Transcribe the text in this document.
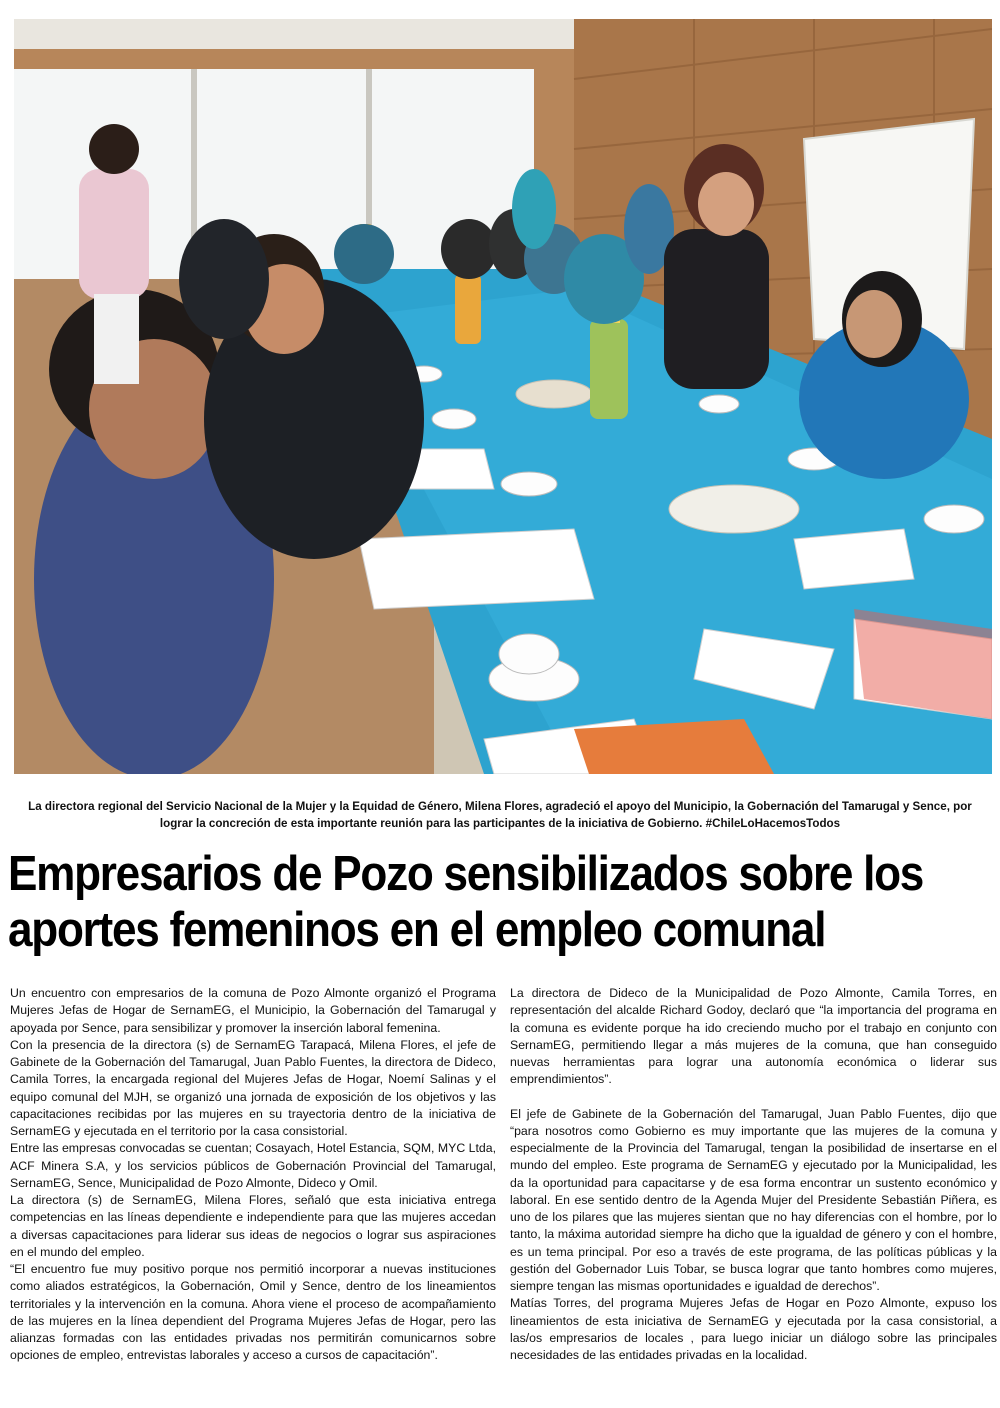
La directora regional del Servicio Nacional de la Mujer y la Equidad de Género, Milena Flores, agradeció el apoyo del Municipio, la Gobernación del Tamarugal y Sence, por lograr la concreción de esta importante reunión para las participantes de la iniciativa de Gobierno. #ChileLoHacemosTodos

Empresarios de Pozo sensibilizados sobre los
aportes femeninos en el empleo comunal

Un encuentro con empresarios de la comuna de Pozo Almonte organizó el Programa Mujeres Jefas de Hogar de SernamEG, el Municipio, la Gobernación del Tamarugal y apoyada por Sence, para sensibilizar y promover la inserción laboral femenina.

Con la presencia de la directora (s) de SernamEG Tarapacá, Milena Flores, el jefe de Gabinete de la Gobernación del Tamarugal, Juan Pablo Fuentes, la directora de Dideco, Camila Torres, la encargada regional del Mujeres Jefas de Hogar, Noemí Salinas y el equipo comunal del MJH, se organizó una jornada de exposición de los objetivos y las capacitaciones recibidas por las mujeres en su trayectoria dentro de la iniciativa de SernamEG y ejecutada en el territorio por la casa consistorial.

Entre las empresas convocadas se cuentan; Cosayach, Hotel Estancia, SQM, MYC Ltda, ACF Minera S.A, y los servicios públicos de Gobernación Provincial del Tamarugal, SernamEG, Sence, Municipalidad de Pozo Almonte, Dideco y Omil.

La directora (s) de SernamEG, Milena Flores, señaló que esta iniciativa entrega competencias en las líneas dependiente e independiente para que las mujeres accedan a diversas capacitaciones para liderar sus ideas de negocios o lograr sus aspiraciones en el mundo del empleo.

“El encuentro fue muy positivo porque nos permitió incorporar a nuevas instituciones como aliados estratégicos, la Gobernación, Omil y Sence, dentro de los lineamientos territoriales y la intervención en la comuna. Ahora viene el proceso de acompañamiento de las mujeres en la línea dependient del Programa Mujeres Jefas de Hogar, pero las alianzas formadas con las entidades privadas nos permitirán comunicarnos sobre opciones de empleo, entrevistas laborales y acceso a cursos de capacitación”.

La directora de Dideco de la Municipalidad de Pozo Almonte, Camila Torres, en representación del alcalde Richard Godoy, declaró que “la importancia del programa en la comuna es evidente porque ha ido creciendo mucho por el trabajo en conjunto con SernamEG, permitiendo llegar a más mujeres de la comuna, que han conseguido nuevas herramientas para lograr una autonomía económica o liderar sus emprendimientos”.

El jefe de Gabinete de la Gobernación del Tamarugal, Juan Pablo Fuentes, dijo que “para nosotros como Gobierno es muy importante que las mujeres de la comuna y especialmente de la Provincia del Tamarugal, tengan la posibilidad de insertarse en el mundo del empleo. Este programa de SernamEG y ejecutado por la Municipalidad, les da la oportunidad para capacitarse y de esa forma encontrar un sustento económico y laboral. En ese sentido dentro de la Agenda Mujer del Presidente Sebastián Piñera, es uno de los pilares que las mujeres sientan que no hay diferencias con el hombre, por lo tanto, la máxima autoridad siempre ha dicho que la igualdad de género y con el hombre, es un tema principal. Por eso a través de este programa, de las políticas públicas y la gestión del Gobernador Luis Tobar, se busca lograr que tanto hombres como mujeres, siempre tengan las mismas oportunidades e igualdad de derechos”.

Matías Torres, del programa Mujeres Jefas de Hogar en Pozo Almonte, expuso los lineamientos de esta iniciativa de SernamEG y ejecutada por la casa consistorial, a las/os empresarios de locales , para luego iniciar un diálogo sobre las principales necesidades de las entidades privadas en la localidad.
